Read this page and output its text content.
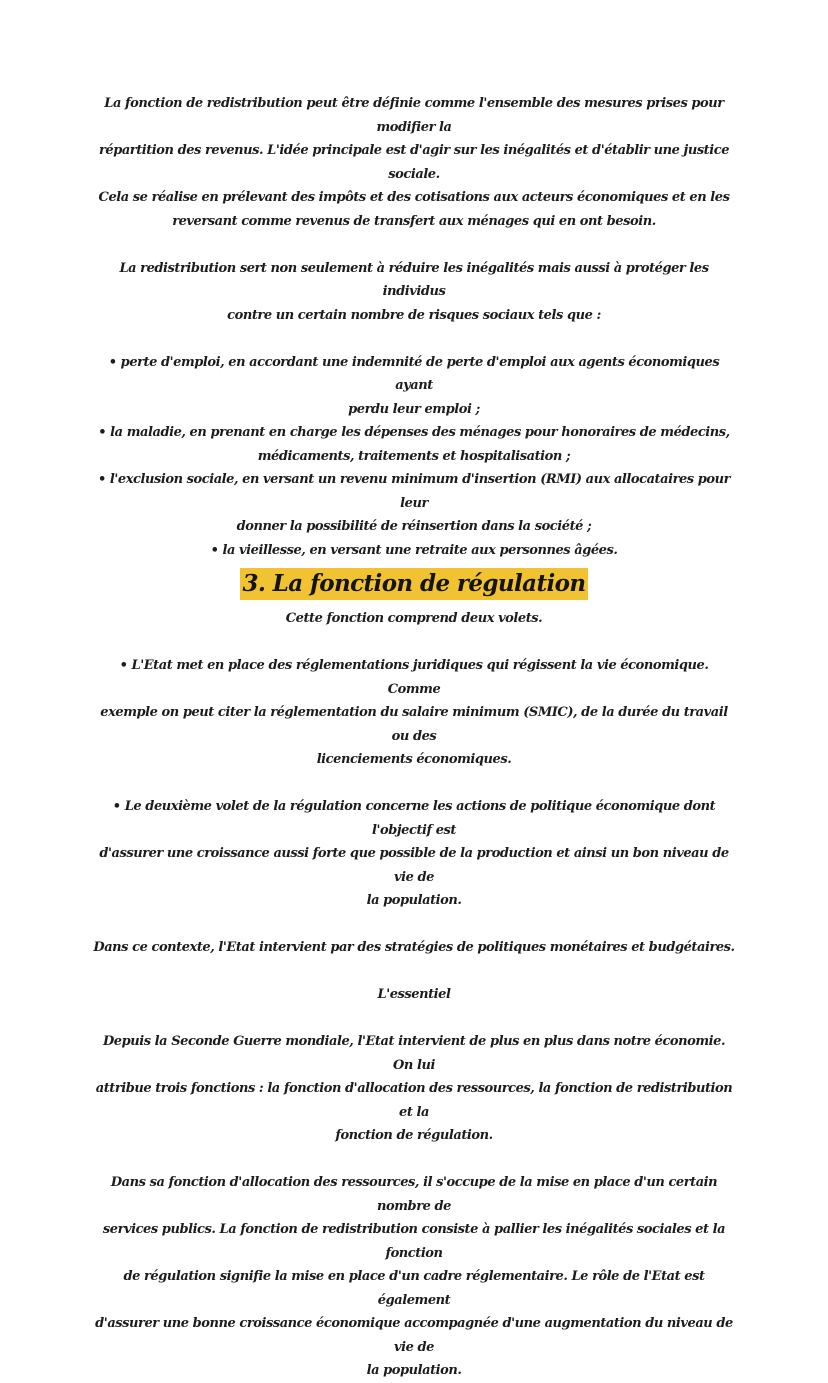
La fonction de redistribution peut être définie comme l'ensemble des mesures prises pour modifier la
répartition des revenus. L'idée principale est d'agir sur les inégalités et d'établir une justice sociale.
Cela se réalise en prélevant des impôts et des cotisations aux acteurs économiques et en les
reversant comme revenus de transfert aux ménages qui en ont besoin.

La redistribution sert non seulement à réduire les inégalités mais aussi à protéger les individus
contre un certain nombre de risques sociaux tels que :

• perte d'emploi, en accordant une indemnité de perte d'emploi aux agents économiques ayant
perdu leur emploi ;
• la maladie, en prenant en charge les dépenses des ménages pour honoraires de médecins,
médicaments, traitements et hospitalisation ;
• l'exclusion sociale, en versant un revenu minimum d'insertion (RMI) aux allocataires pour leur
donner la possibilité de réinsertion dans la société ;
• la vieillesse, en versant une retraite aux personnes âgées.

3. La fonction de régulation

Cette fonction comprend deux volets.

• L'Etat met en place des réglementations juridiques qui régissent la vie économique. Comme
exemple on peut citer la réglementation du salaire minimum (SMIC), de la durée du travail ou des
licenciements économiques.

• Le deuxième volet de la régulation concerne les actions de politique économique dont l'objectif est
d'assurer une croissance aussi forte que possible de la production et ainsi un bon niveau de vie de
la population.

Dans ce contexte, l'Etat intervient par des stratégies de politiques monétaires et budgétaires.

L'essentiel

Depuis la Seconde Guerre mondiale, l'Etat intervient de plus en plus dans notre économie. On lui
attribue trois fonctions : la fonction d'allocation des ressources, la fonction de redistribution et la
fonction de régulation.

Dans sa fonction d'allocation des ressources, il s'occupe de la mise en place d'un certain nombre de
services publics. La fonction de redistribution consiste à pallier les inégalités sociales et la fonction
de régulation signifie la mise en place d'un cadre réglementaire. Le rôle de l'Etat est également
d'assurer une bonne croissance économique accompagnée d'une augmentation du niveau de vie de
la population.
